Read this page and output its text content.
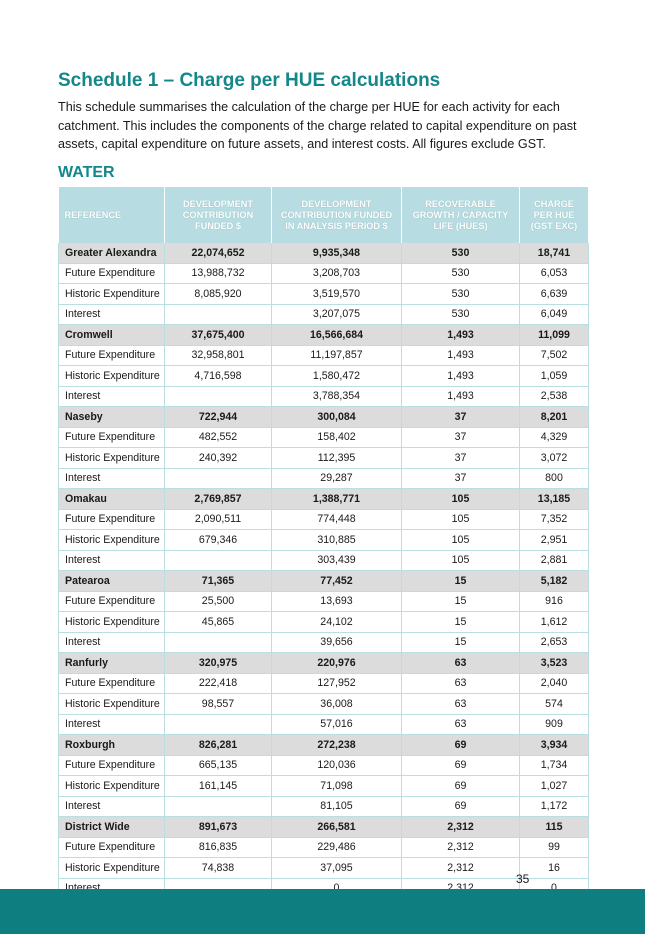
Schedule 1 – Charge per HUE calculations

This schedule summarises the calculation of the charge per HUE for each activity for each catchment. This includes the components of the charge related to capital expenditure on past assets, capital expenditure on future assets, and interest costs. All figures exclude GST.

WATER
REFERENCE	DEVELOPMENT CONTRIBUTION FUNDED $	DEVELOPMENT CONTRIBUTION FUNDED IN ANALYSIS PERIOD $	RECOVERABLE GROWTH / CAPACITY LIFE (HUES)	CHARGE PER HUE (GST EXC)
Greater Alexandra	22,074,652	9,935,348	530	18,741
Future Expenditure	13,988,732	3,208,703	530	6,053
Historic Expenditure	8,085,920	3,519,570	530	6,639
Interest		3,207,075	530	6,049
Cromwell	37,675,400	16,566,684	1,493	11,099
Future Expenditure	32,958,801	11,197,857	1,493	7,502
Historic Expenditure	4,716,598	1,580,472	1,493	1,059
Interest		3,788,354	1,493	2,538
Naseby	722,944	300,084	37	8,201
Future Expenditure	482,552	158,402	37	4,329
Historic Expenditure	240,392	112,395	37	3,072
Interest		29,287	37	800
Omakau	2,769,857	1,388,771	105	13,185
Future Expenditure	2,090,511	774,448	105	7,352
Historic Expenditure	679,346	310,885	105	2,951
Interest		303,439	105	2,881
Patearoa	71,365	77,452	15	5,182
Future Expenditure	25,500	13,693	15	916
Historic Expenditure	45,865	24,102	15	1,612
Interest		39,656	15	2,653
Ranfurly	320,975	220,976	63	3,523
Future Expenditure	222,418	127,952	63	2,040
Historic Expenditure	98,557	36,008	63	574
Interest		57,016	63	909
Roxburgh	826,281	272,238	69	3,934
Future Expenditure	665,135	120,036	69	1,734
Historic Expenditure	161,145	71,098	69	1,027
Interest		81,105	69	1,172
District Wide	891,673	266,581	2,312	115
Future Expenditure	816,835	229,486	2,312	99
Historic Expenditure	74,838	37,095	2,312	16

35
